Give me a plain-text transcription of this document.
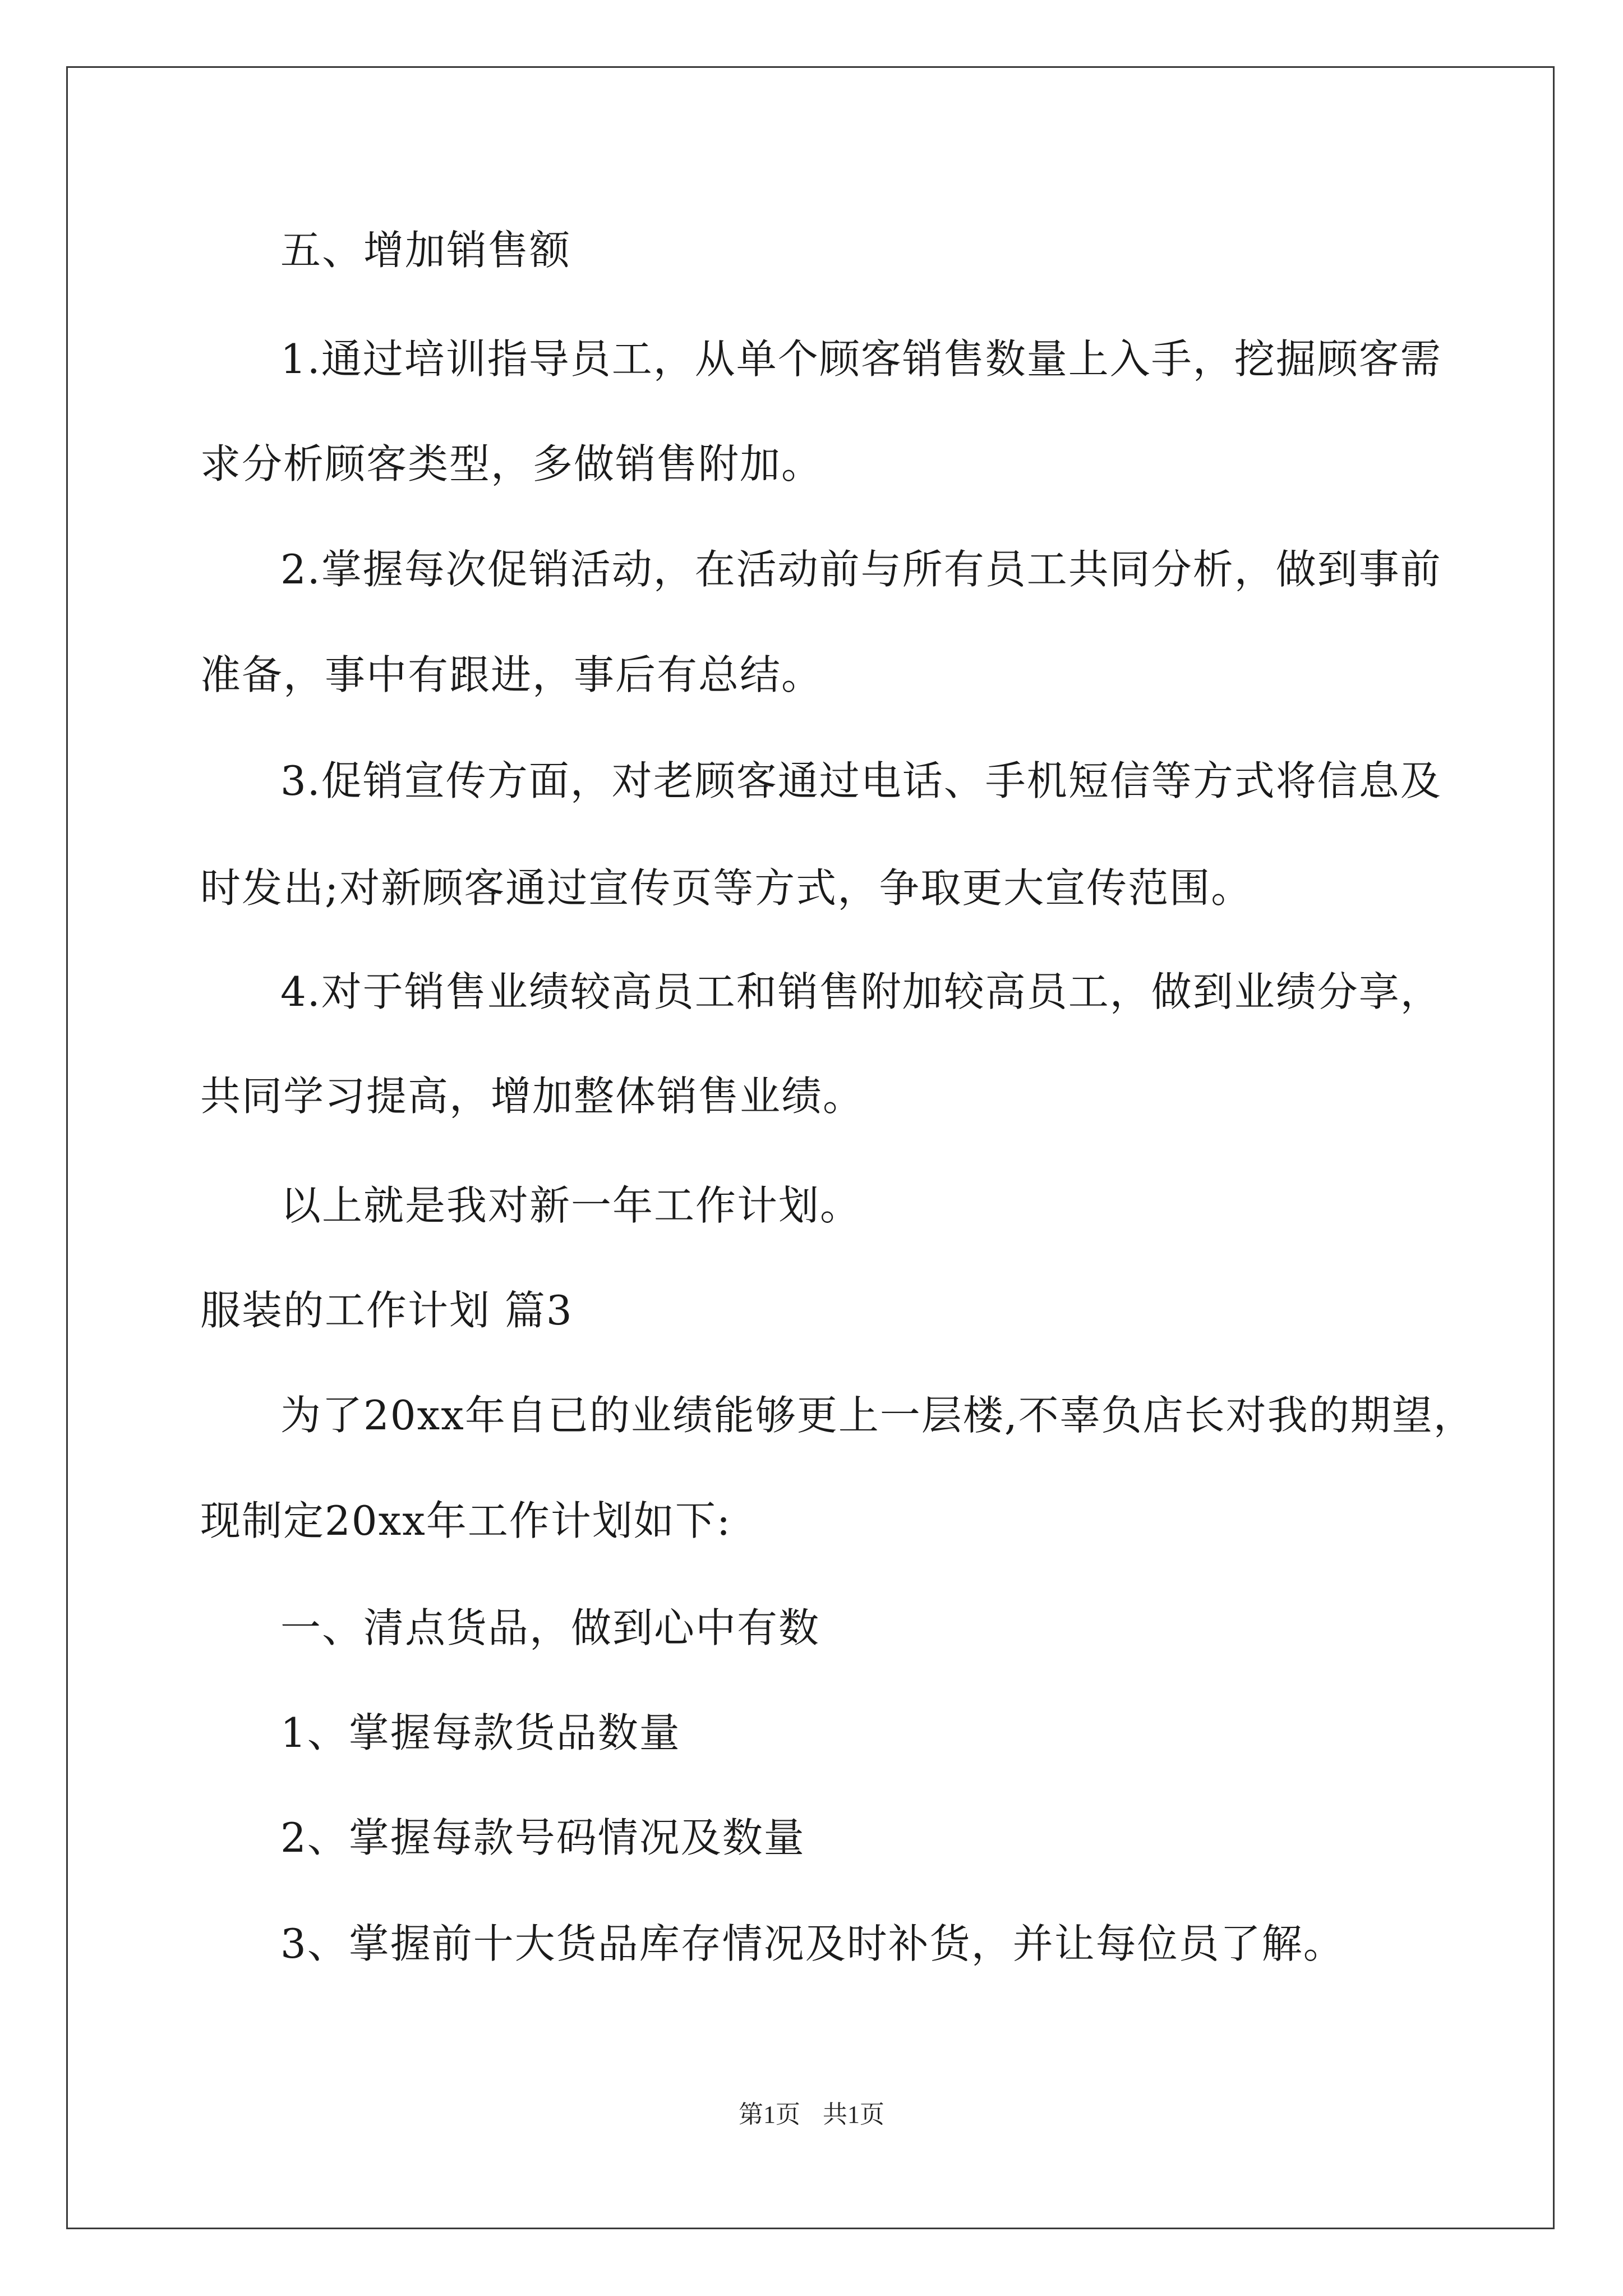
五、增加销售额
1.通过培训指导员工，从单个顾客销售数量上入手，挖掘顾客需
求分析顾客类型，多做销售附加。
2.掌握每次促销活动，在活动前与所有员工共同分析，做到事前
准备，事中有跟进，事后有总结。
3.促销宣传方面，对老顾客通过电话、手机短信等方式将信息及
时发出;对新顾客通过宣传页等方式，争取更大宣传范围。
4.对于销售业绩较高员工和销售附加较高员工，做到业绩分享，
共同学习提高，增加整体销售业绩。
以上就是我对新一年工作计划。
服装的工作计划 篇3
为了20xx年自已的业绩能够更上一层楼,不辜负店长对我的期望，
现制定20xx年工作计划如下:
一、清点货品，做到心中有数
1、掌握每款货品数量
2、掌握每款号码情况及数量
3、掌握前十大货品库存情况及时补货，并让每位员了解。
第1页 共1页
